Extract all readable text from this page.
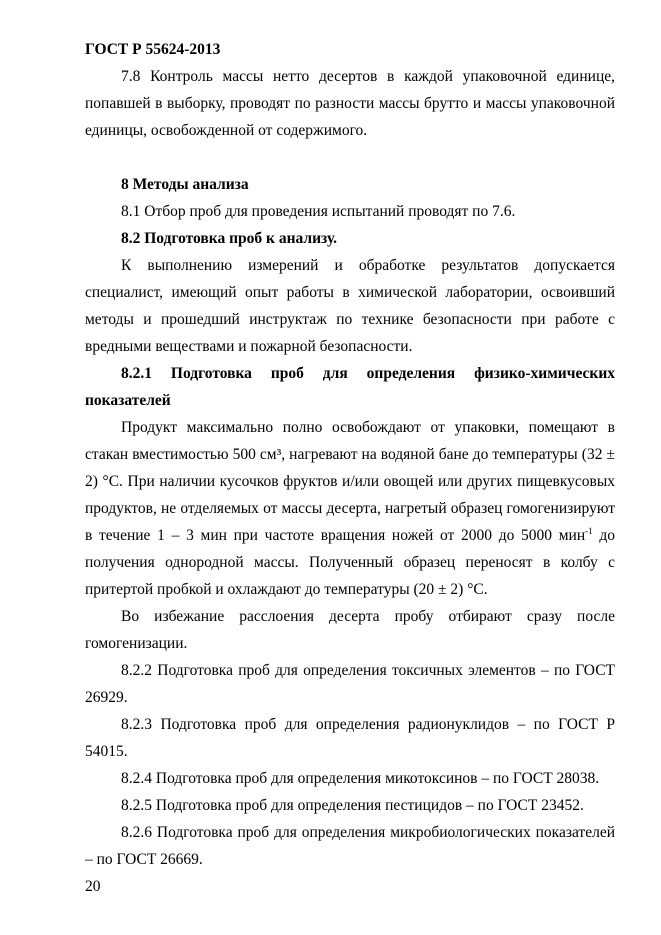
ГОСТ Р 55624-2013

7.8 Контроль массы нетто десертов в каждой упаковочной единице, попавшей в выборку, проводят по разности массы брутто и массы упаковочной единицы, освобожденной от содержимого.

8 Методы анализа

8.1 Отбор проб для проведения испытаний проводят по 7.6.

8.2 Подготовка проб к анализу.

К выполнению измерений и обработке результатов допускается специалист, имеющий опыт работы в химической лаборатории, освоивший методы и прошедший инструктаж по технике безопасности при работе с вредными веществами и пожарной безопасности.

8.2.1 Подготовка проб для определения физико-химических показателей

Продукт максимально полно освобождают от упаковки, помещают в стакан вместимостью 500 см³, нагревают на водяной бане до температуры (32 ± 2) °С. При наличии кусочков фруктов и/или овощей или других пищевкусовых продуктов, не отделяемых от массы десерта, нагретый образец гомогенизируют в течение 1 – 3 мин при частоте вращения ножей от 2000 до 5000 мин$^{-1}$ до получения однородной массы. Полученный образец переносят в колбу с притертой пробкой и охлаждают до температуры (20 ± 2) °С.

Во избежание расслоения десерта пробу отбирают сразу после гомогенизации.

8.2.2 Подготовка проб для определения токсичных элементов – по ГОСТ 26929.

8.2.3 Подготовка проб для определения радионуклидов – по ГОСТ Р 54015.

8.2.4 Подготовка проб для определения микотоксинов – по ГОСТ 28038.

8.2.5 Подготовка проб для определения пестицидов – по ГОСТ 23452.

8.2.6 Подготовка проб для определения микробиологических показателей – по ГОСТ 26669.

20
